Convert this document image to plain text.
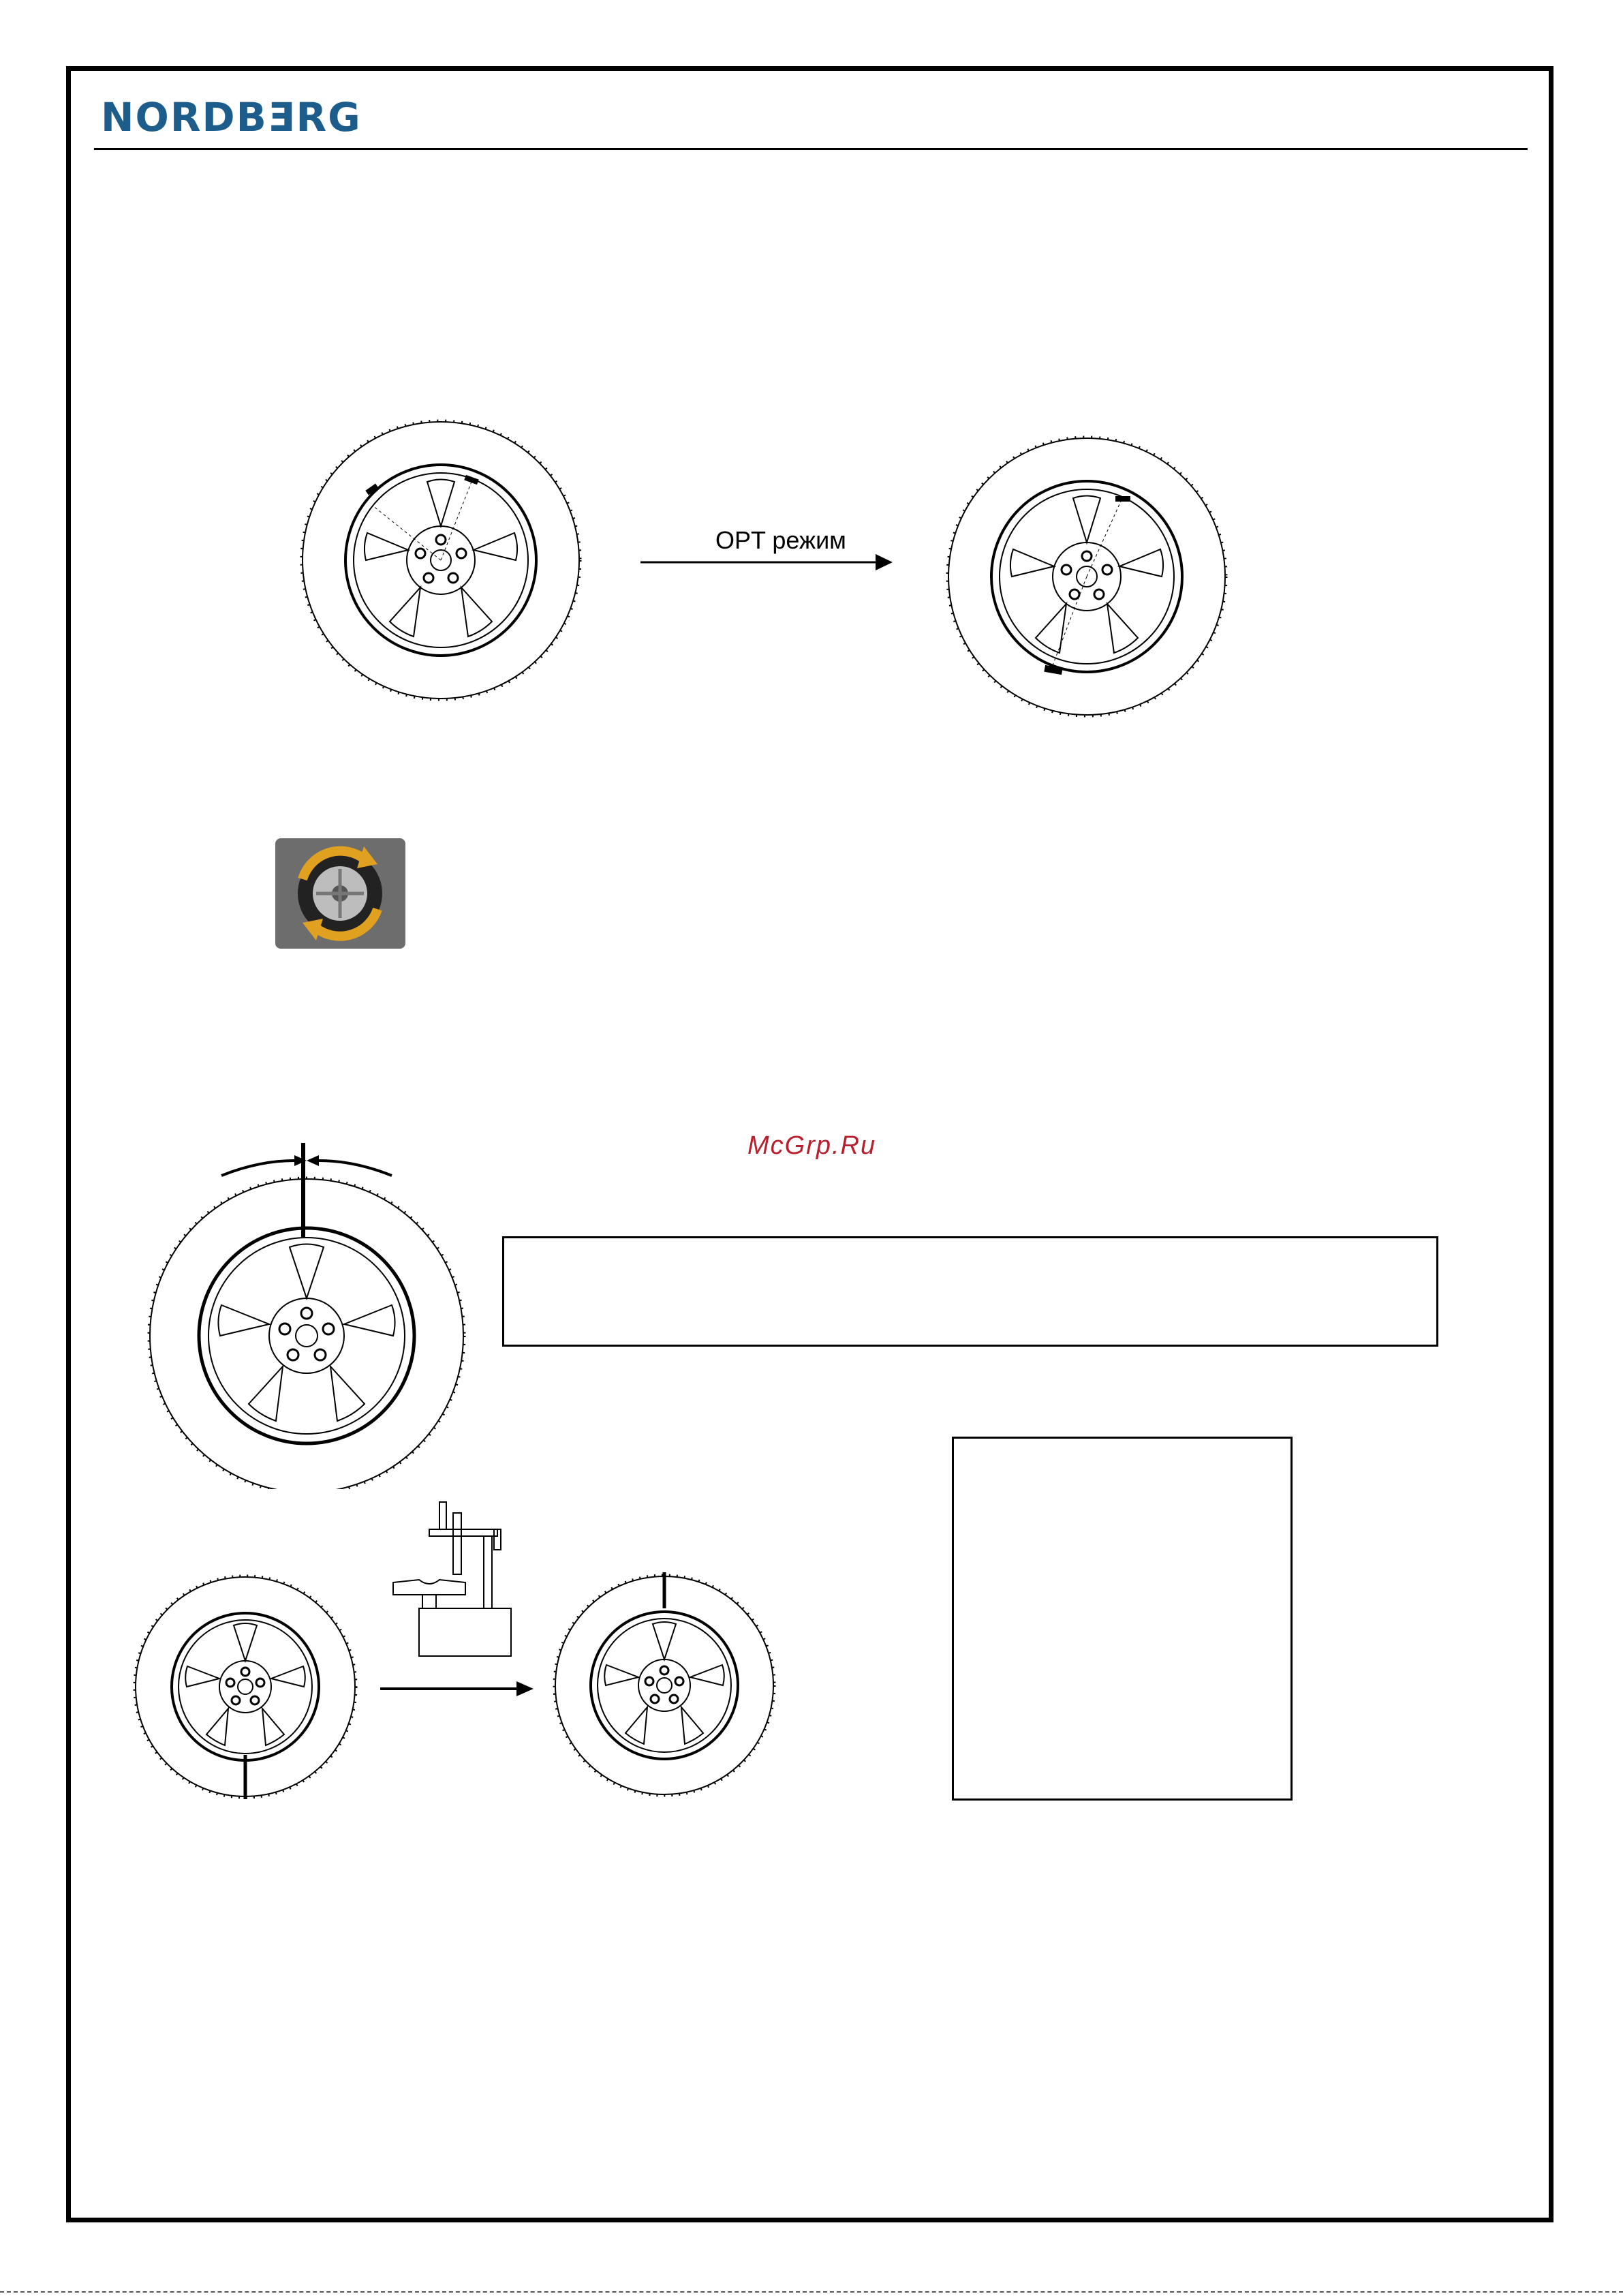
NORDBƎRG
OPT режим
McGrp.Ru
